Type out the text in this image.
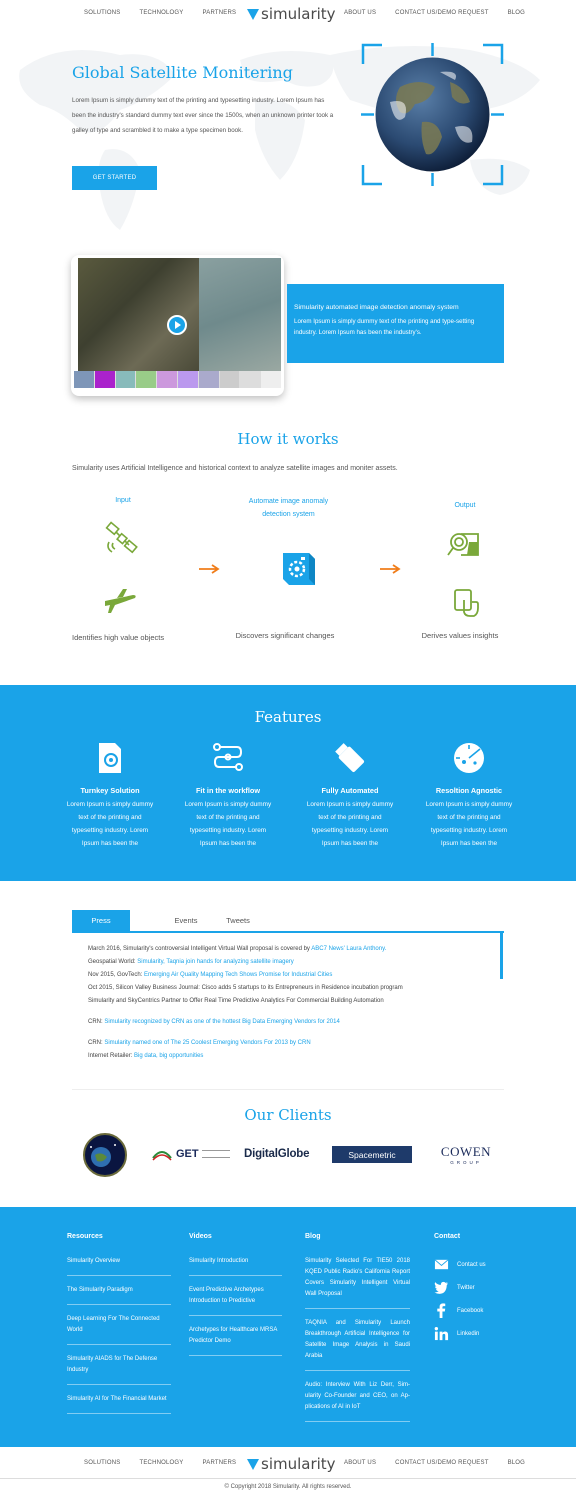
SOLUTIONS	TECHNOLOGY	PARTNERS simularity ABOUT US	CONTACT US/DEMO REQUEST	BLOG
Global Satellite Monitering

Lorem Ipsum is simply dummy text of the printing and typesetting industry. Lorem Ipsum has been the industry's standard dummy text ever since the 1500s, when an unknown printer took a galley of type and scrambled it to make a type specimen book.

GET STARTED
Simularity automated image detection anomaly system

Lorem Ipsum is simply dummy text of the printing and type-setting industry. Lorem Ipsum has been the industry's.

How it works
Simularity uses Artificial Intelligence and historical context to analyze satellite images and moniter assets.
Input	Automate image anomaly detection system
Output
Identifies high value objects	Discovers significant changes	Derives values insights
Features
Turnkey Solution

Lorem Ipsum is simply dummy text of the printing and typesetting industry. Lorem Ipsum has been the

Fit in the workflow

Lorem Ipsum is simply dummy text of the printing and typesetting industry. Lorem Ipsum has been the

Fully Automated

Lorem Ipsum is simply dummy text of the printing and typesetting industry. Lorem Ipsum has been the

Resoltion Agnostic

Lorem Ipsum is simply dummy text of the printing and typesetting industry. Lorem Ipsum has been the

Press	Events	Tweets
March 2016, Simularity's controversial Intelligent Virtual Wall proposal is covered by ABC7 News' Laura Anthony.
Geospatial World: Simularity, Taqnia join hands for analyzing satellite imagery
Nov 2015, GovTech: Emerging Air Quality Mapping Tech Shows Promise for Industrial Cities
Oct 2015, Silicon Valley Business Journal: Cisco adds 5 startups to its Entrepreneurs in Residence incubation program
Simularity and SkyCentrics Partner to Offer Real Time Predictive Analytics For Commercial Building Automation
CRN: Simularity recognized by CRN as one of the hottest Big Data Emerging Vendors for 2014
CRN: Simularity named one of The 25 Coolest Emerging Vendors For 2013 by CRN
Internet Retailer: Big data, big opportunities
Our Clients
GET	DigitalGlobe	Spacemetric	COWEN
GROUP
Resources
Simularity Overview
The Simularity Paradigm
Deep Learning For The Connected World
Simularity AIADS for The Defense Industry
Simularity AI for The Financial Market
Videos
Simularity Introduction
Event Predictive Archetypes Introduction to Predictive
Archetypes for Healthcare MRSA Predictor Demo
Blog
Simularity Selected For TIE50 2018 KQED Public Radio's California Report Covers Simularity Intelligent Virtual Wall Proposal
TAQNIA and Simularity Launch Breakthrough Artificial Intelligence for Satellite Image Analysis in Saudi Arabia
Audio: Interview With Liz Derr, Sim-ularity Co-Founder and CEO, on Ap-plications of AI in IoT
Contact
Contact us
Twitter
Facebook
Linkedin
SOLUTIONS	TECHNOLOGY	PARTNERS simularity ABOUT US	CONTACT US/DEMO REQUEST	BLOG
© Copyright 2018 Simularity. All rights reserved.
